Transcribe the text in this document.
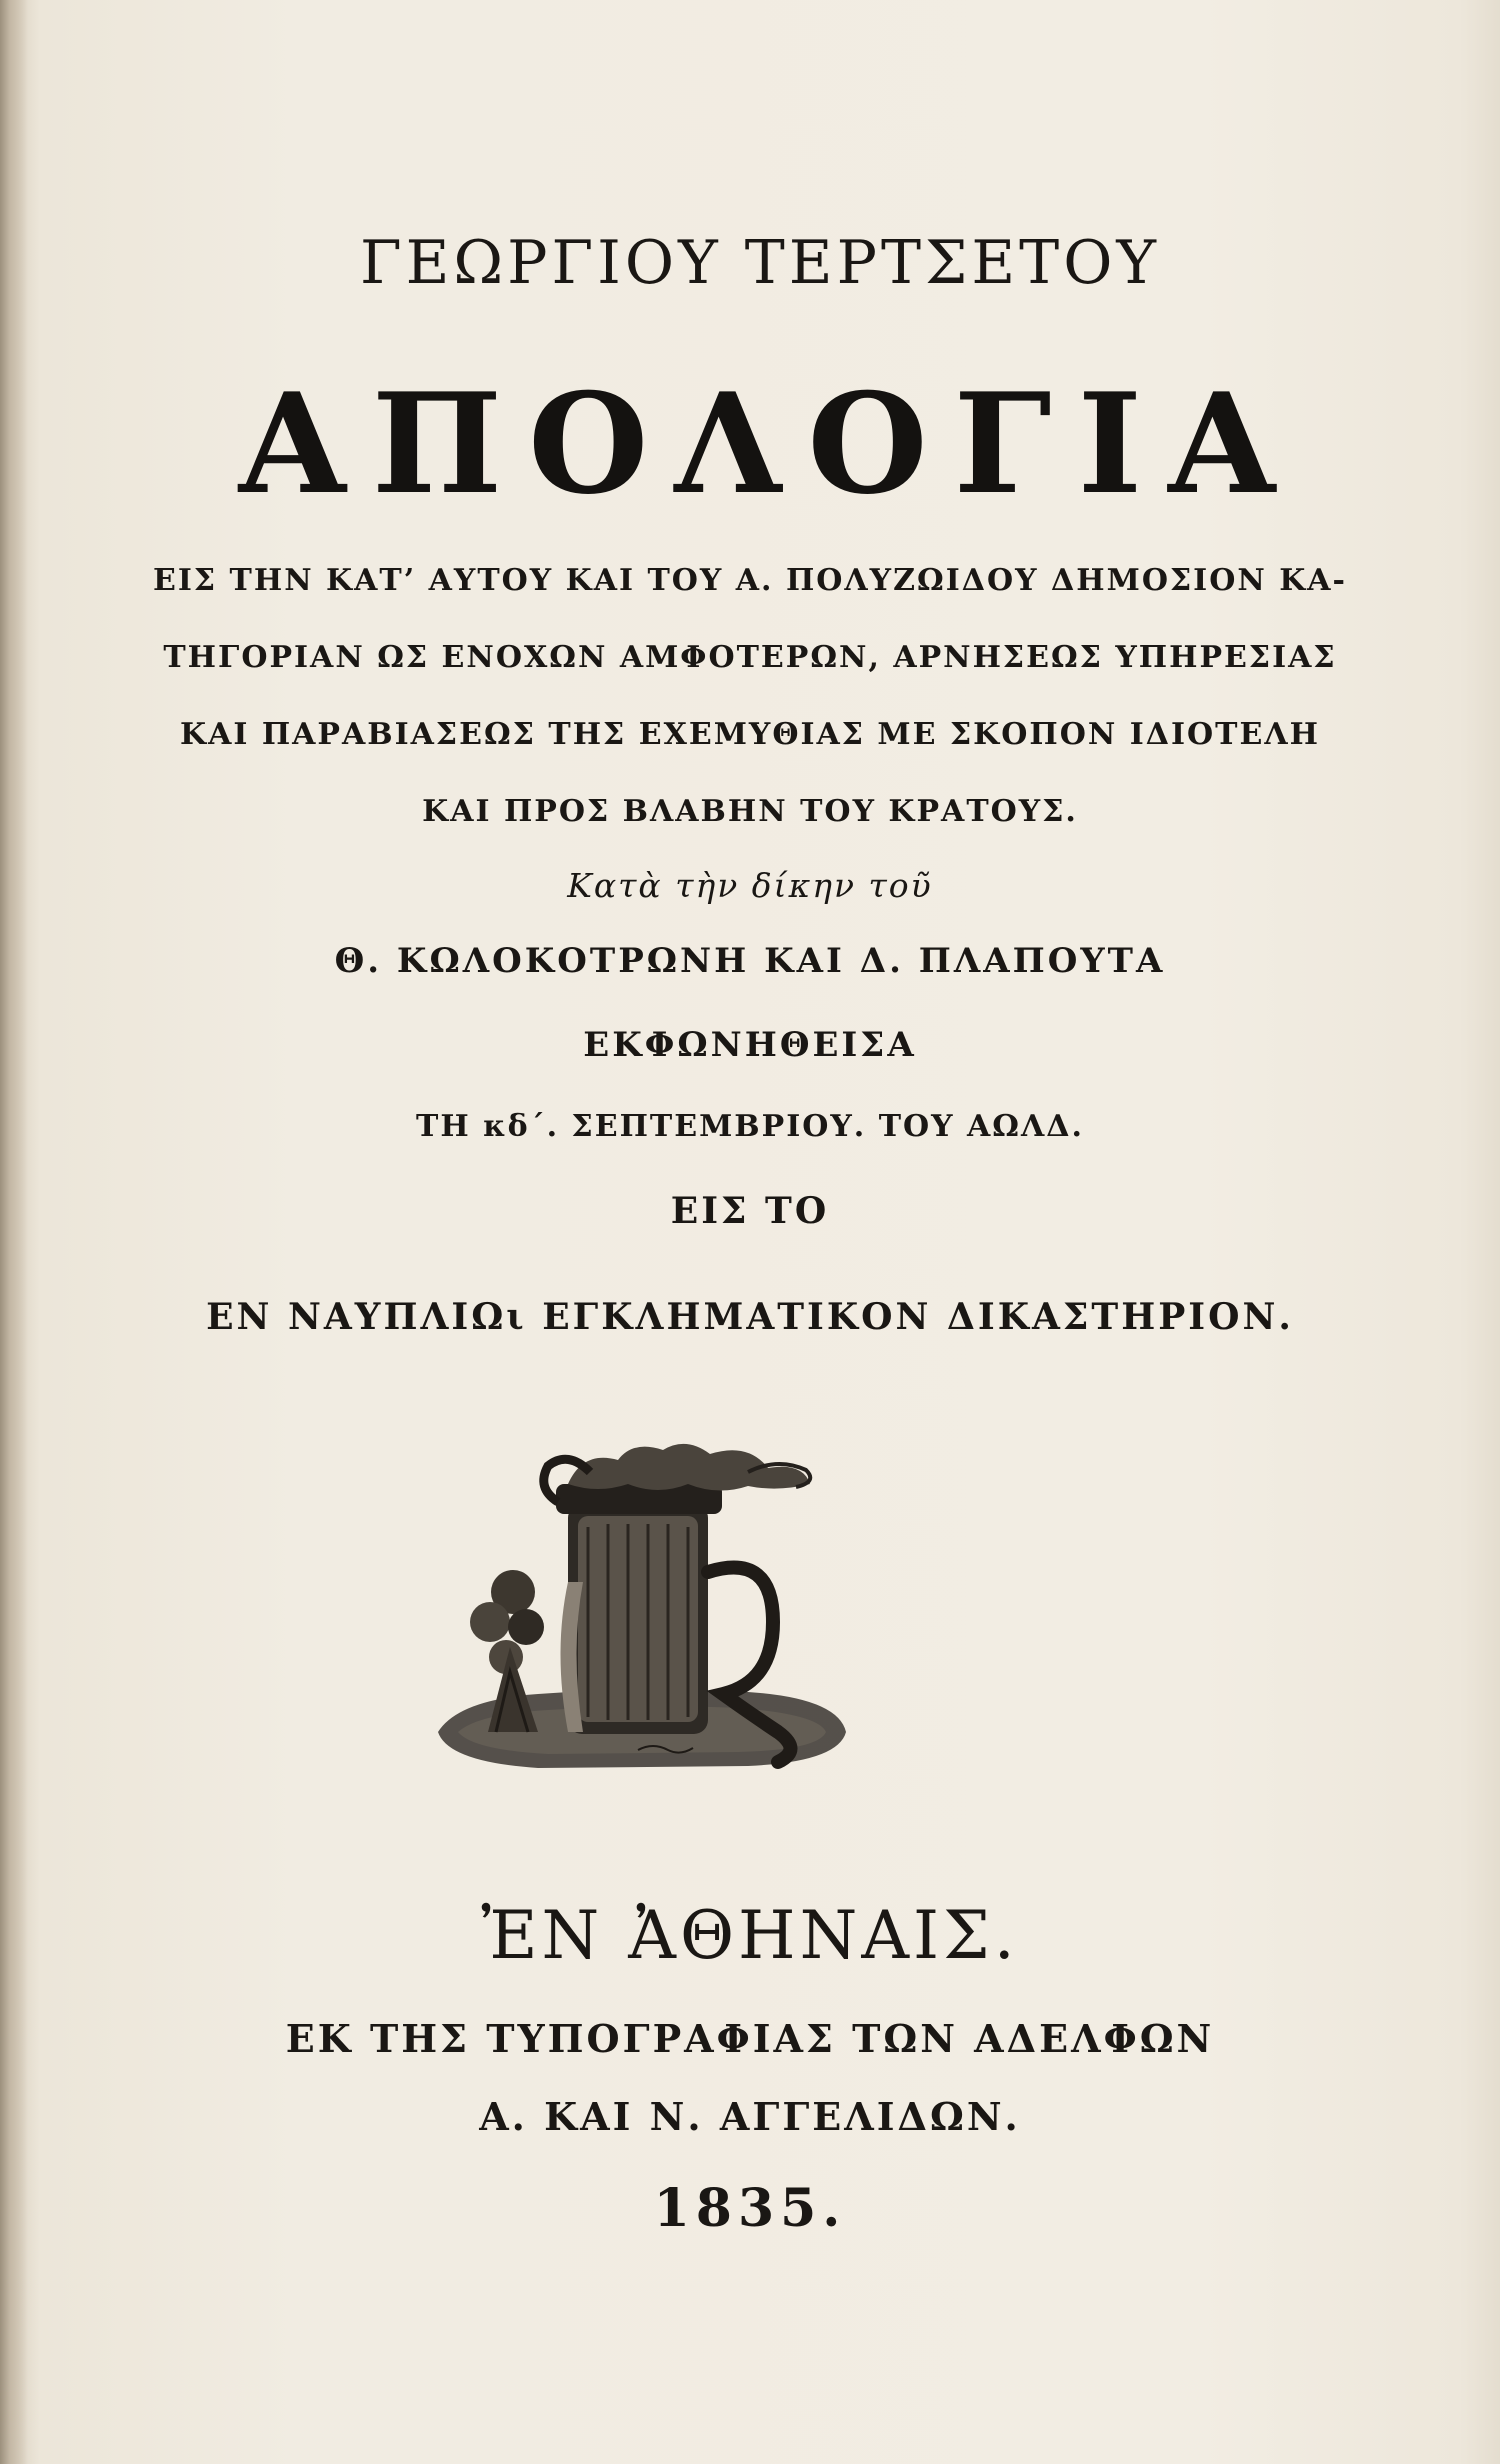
ΓΕΩΡΓΙΟΥ ΤΕΡΤΣΕΤΟΥ
ΑΠΟΛΟΓΙΑ
ΕΙΣ ΤΗΝ ΚΑΤ’ ΑΥΤΟΥ ΚΑΙ ΤΟΥ Α. ΠΟΛΥΖΩΙΔΟΥ ΔΗΜΟΣΙΟΝ ΚΑ-
ΤΗΓΟΡΙΑΝ ΩΣ ΕΝΟΧΩΝ ΑΜΦΟΤΕΡΩΝ, ΑΡΝΗΣΕΩΣ ΥΠΗΡΕΣΙΑΣ
ΚΑΙ ΠΑΡΑΒΙΑΣΕΩΣ ΤΗΣ ΕΧΕΜΥΘΙΑΣ ΜΕ ΣΚΟΠΟΝ ΙΔΙΟΤΕΛΗ
ΚΑΙ ΠΡΟΣ ΒΛΑΒΗΝ ΤΟΥ ΚΡΑΤΟΥΣ.
Κατὰ τὴν δίκην τοῦ
Θ. ΚΩΛΟΚΟΤΡΩΝΗ ΚΑΙ Δ. ΠΛΑΠΟΥΤΑ
ΕΚΦΩΝΗΘΕΙΣΑ
ΤΗ κδ΄. ΣΕΠΤΕΜΒΡΙΟΥ. ΤΟΥ ΑΩΛΔ.
ΕΙΣ ΤΟ
ΕΝ ΝΑΥΠΛΙΩι ΕΓΚΛΗΜΑΤΙΚΟΝ ΔΙΚΑΣΤΗΡΙΟΝ.
ἘΝ ἈΘΗΝΑΙΣ.
ΕΚ ΤΗΣ ΤΥΠΟΓΡΑΦΙΑΣ ΤΩΝ ΑΔΕΛΦΩΝ
Α. ΚΑΙ Ν. ΑΓΓΕΛΙΔΩΝ.
1835.
